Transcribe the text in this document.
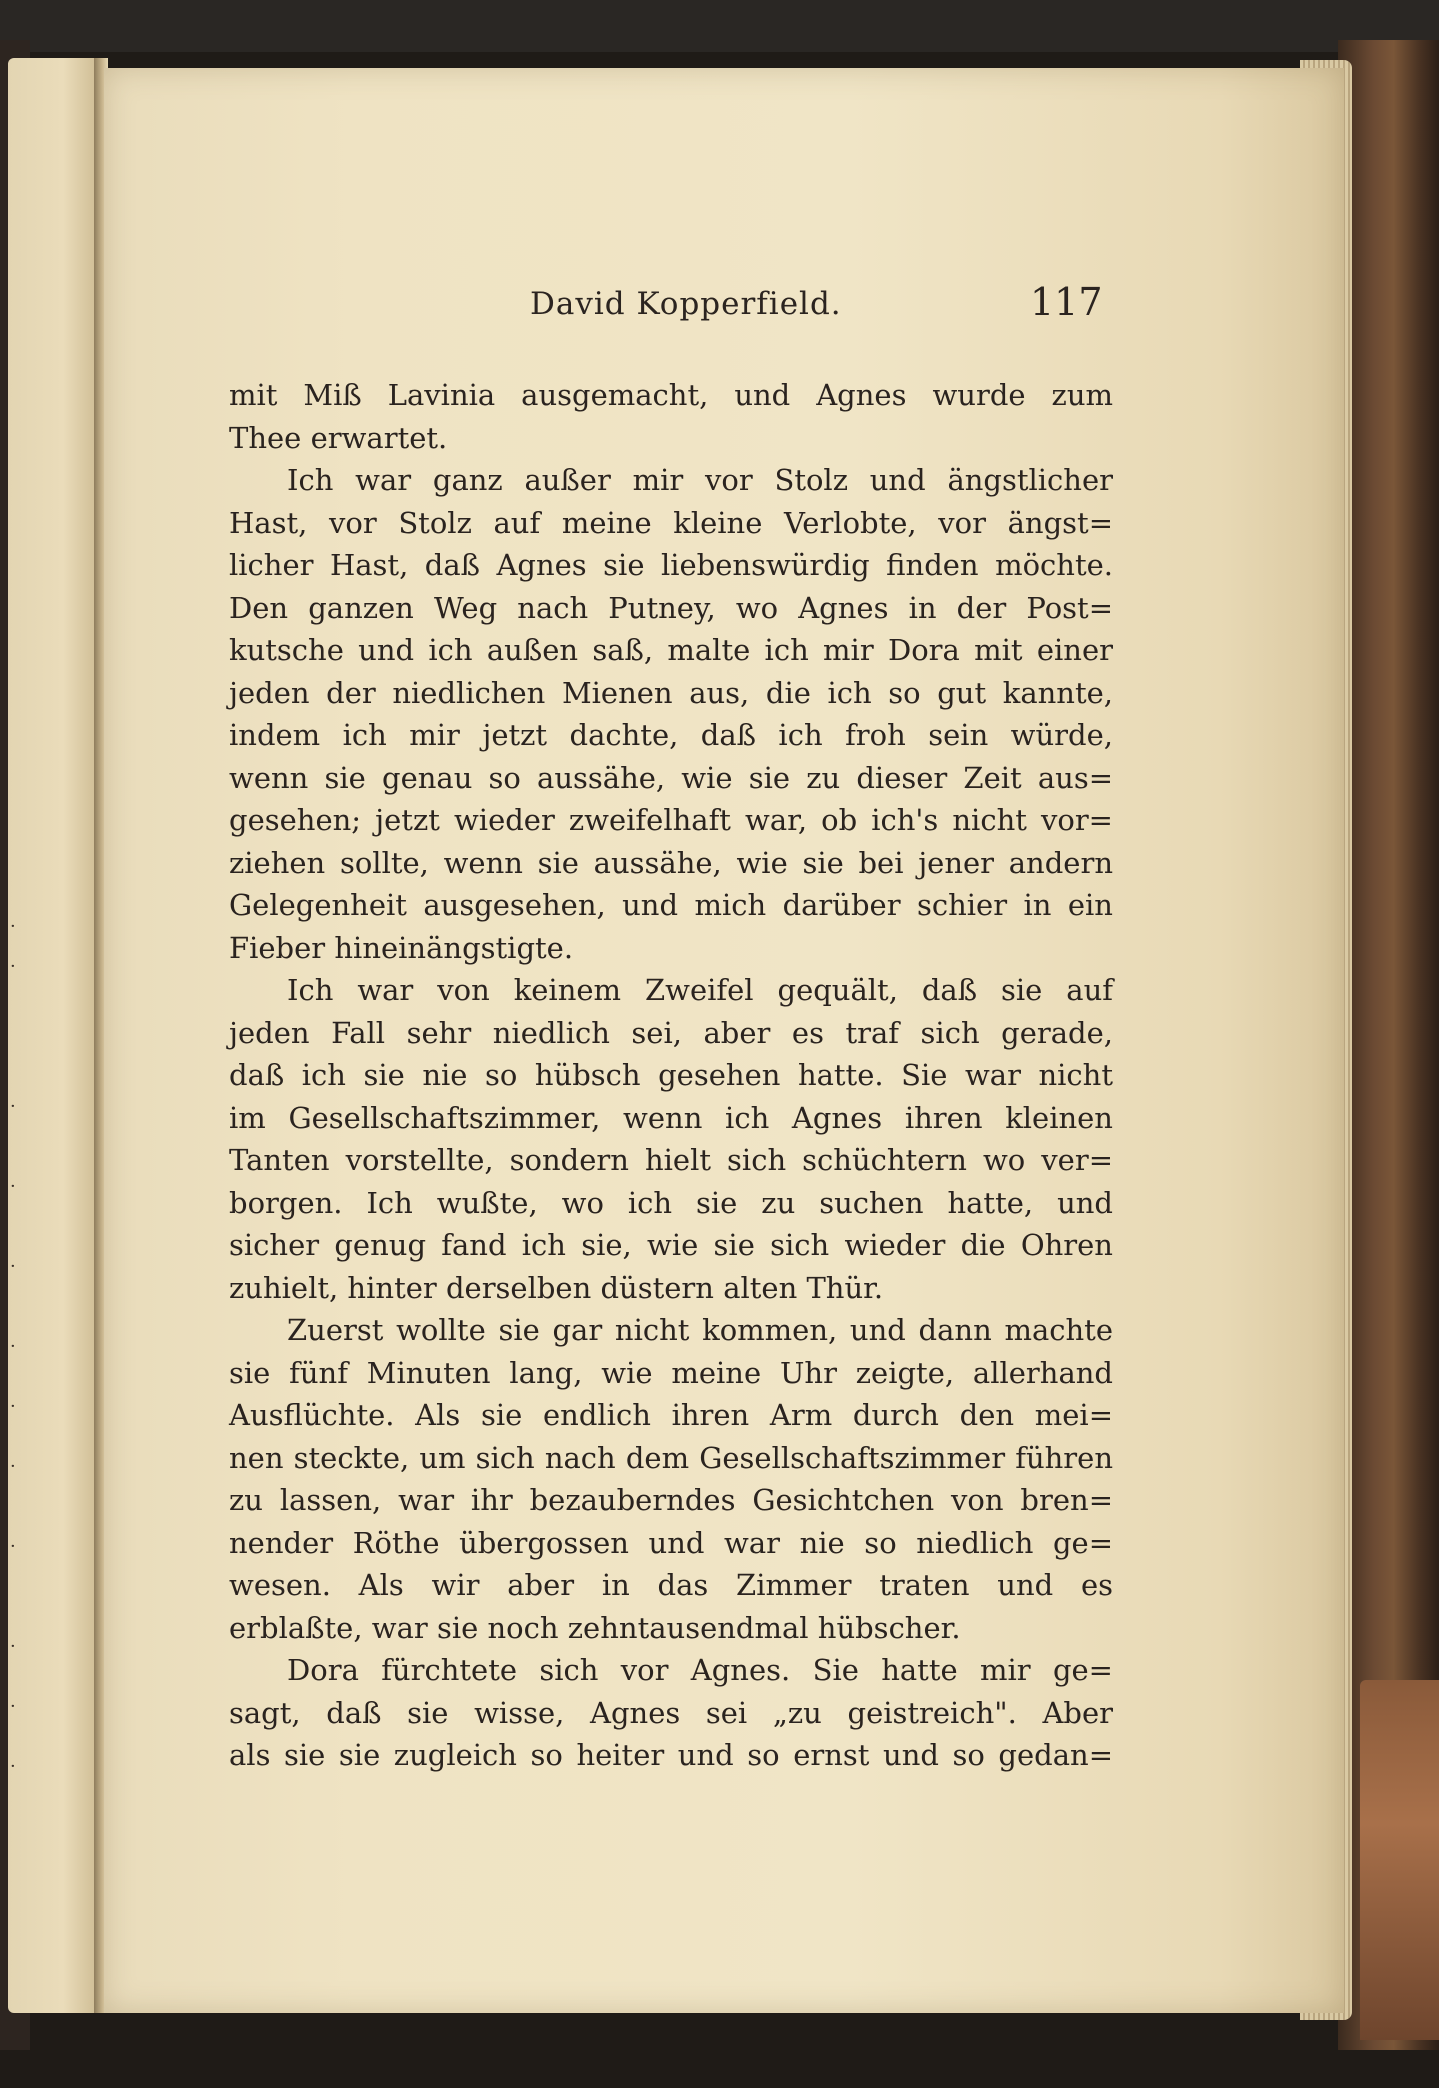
·
·
·
·
·
·
·
·
·
·
·
·
David Kopperfield.	117
mit Miß Lavinia ausgemacht, und Agnes wurde zum
Thee erwartet.
Ich war ganz außer mir vor Stolz und ängstlicher
Hast, vor Stolz auf meine kleine Verlobte, vor ängst=
licher Hast, daß Agnes sie liebenswürdig finden möchte.
Den ganzen Weg nach Putney, wo Agnes in der Post=
kutsche und ich außen saß, malte ich mir Dora mit einer
jeden der niedlichen Mienen aus, die ich so gut kannte,
indem ich mir jetzt dachte, daß ich froh sein würde,
wenn sie genau so aussähe, wie sie zu dieser Zeit aus=
gesehen; jetzt wieder zweifelhaft war, ob ich's nicht vor=
ziehen sollte, wenn sie aussähe, wie sie bei jener andern
Gelegenheit ausgesehen, und mich darüber schier in ein
Fieber hineinängstigte.
Ich war von keinem Zweifel gequält, daß sie auf
jeden Fall sehr niedlich sei, aber es traf sich gerade,
daß ich sie nie so hübsch gesehen hatte. Sie war nicht
im Gesellschaftszimmer, wenn ich Agnes ihren kleinen
Tanten vorstellte, sondern hielt sich schüchtern wo ver=
borgen. Ich wußte, wo ich sie zu suchen hatte, und
sicher genug fand ich sie, wie sie sich wieder die Ohren
zuhielt, hinter derselben düstern alten Thür.
Zuerst wollte sie gar nicht kommen, und dann machte
sie fünf Minuten lang, wie meine Uhr zeigte, allerhand
Ausflüchte. Als sie endlich ihren Arm durch den mei=
nen steckte, um sich nach dem Gesellschaftszimmer führen
zu lassen, war ihr bezauberndes Gesichtchen von bren=
nender Röthe übergossen und war nie so niedlich ge=
wesen. Als wir aber in das Zimmer traten und es
erblaßte, war sie noch zehntausendmal hübscher.
Dora fürchtete sich vor Agnes. Sie hatte mir ge=
sagt, daß sie wisse, Agnes sei „zu geistreich". Aber
als sie sie zugleich so heiter und so ernst und so gedan=
